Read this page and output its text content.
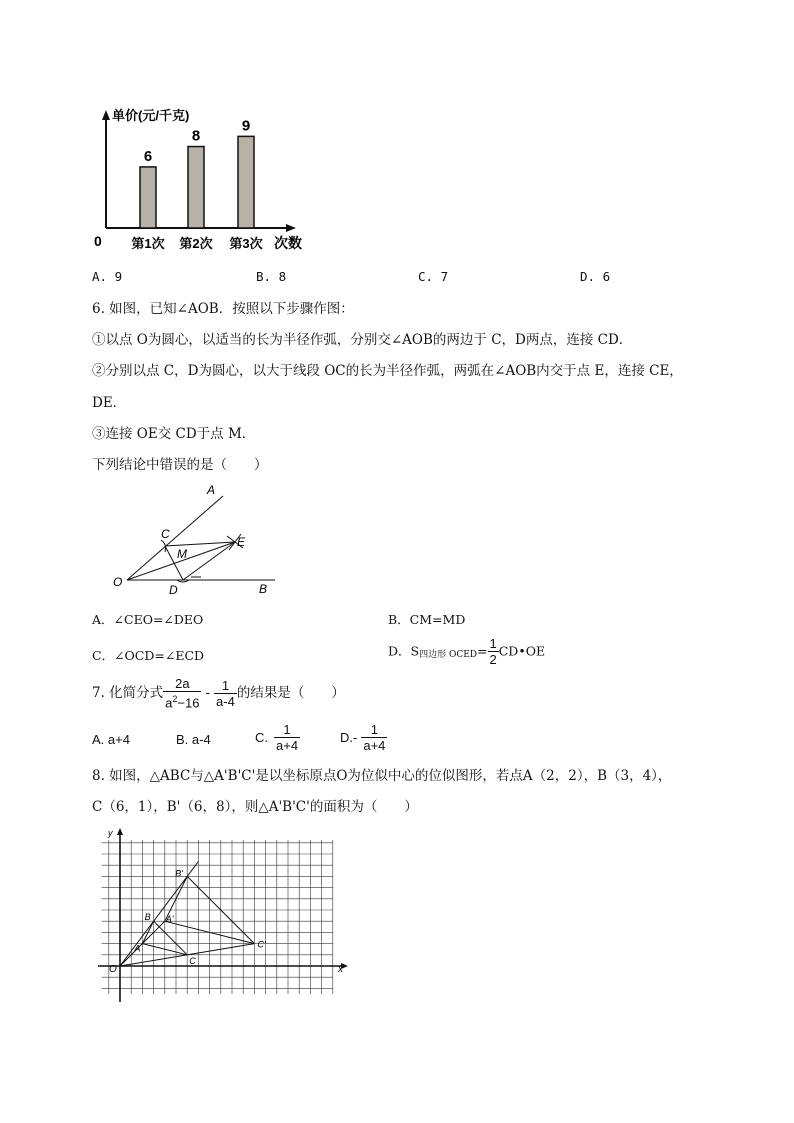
单价(元/千克)
次数
0
6
第1次
8
第2次
9
第3次
A. 9	B. 8	C. 7	D. 6
6. 如图，已知∠AOB．按照以下步骤作图：
①以点 O为圆心，以适当的长为半径作弧，分别交∠AOB的两边于 C，D两点，连接 CD．
②分别以点 C，D为圆心，以大于线段 OC的长为半径作弧，两弧在∠AOB内交于点 E，连接 CE，
DE．
③连接 OE交 CD于点 M．
下列结论中错误的是（　　）
A
B
C
D
E
M
O
A．∠CEO=∠DEO	B．CM=MD
C．∠OCD=∠ECD	D．S四边形 OCED= $\frac{1}{2}$ CD•OE
7. 化简分式 $\frac{2a}{a^2-16} - \frac{1}{a-4}$ 的结果是（　　）
A. a+4	B. a-4	C. $\frac{1}{a+4}$	$D.- \frac{1}{a+4}$
8. 如图，△ABC与△A'B'C'是以坐标原点O为位似中心的位似图形，若点A（2，2），B（3，4），
C（6，1），B'（6，8），则△A'B'C'的面积为（　　）
y
x
O
A
B
C
A'
B'
C'
